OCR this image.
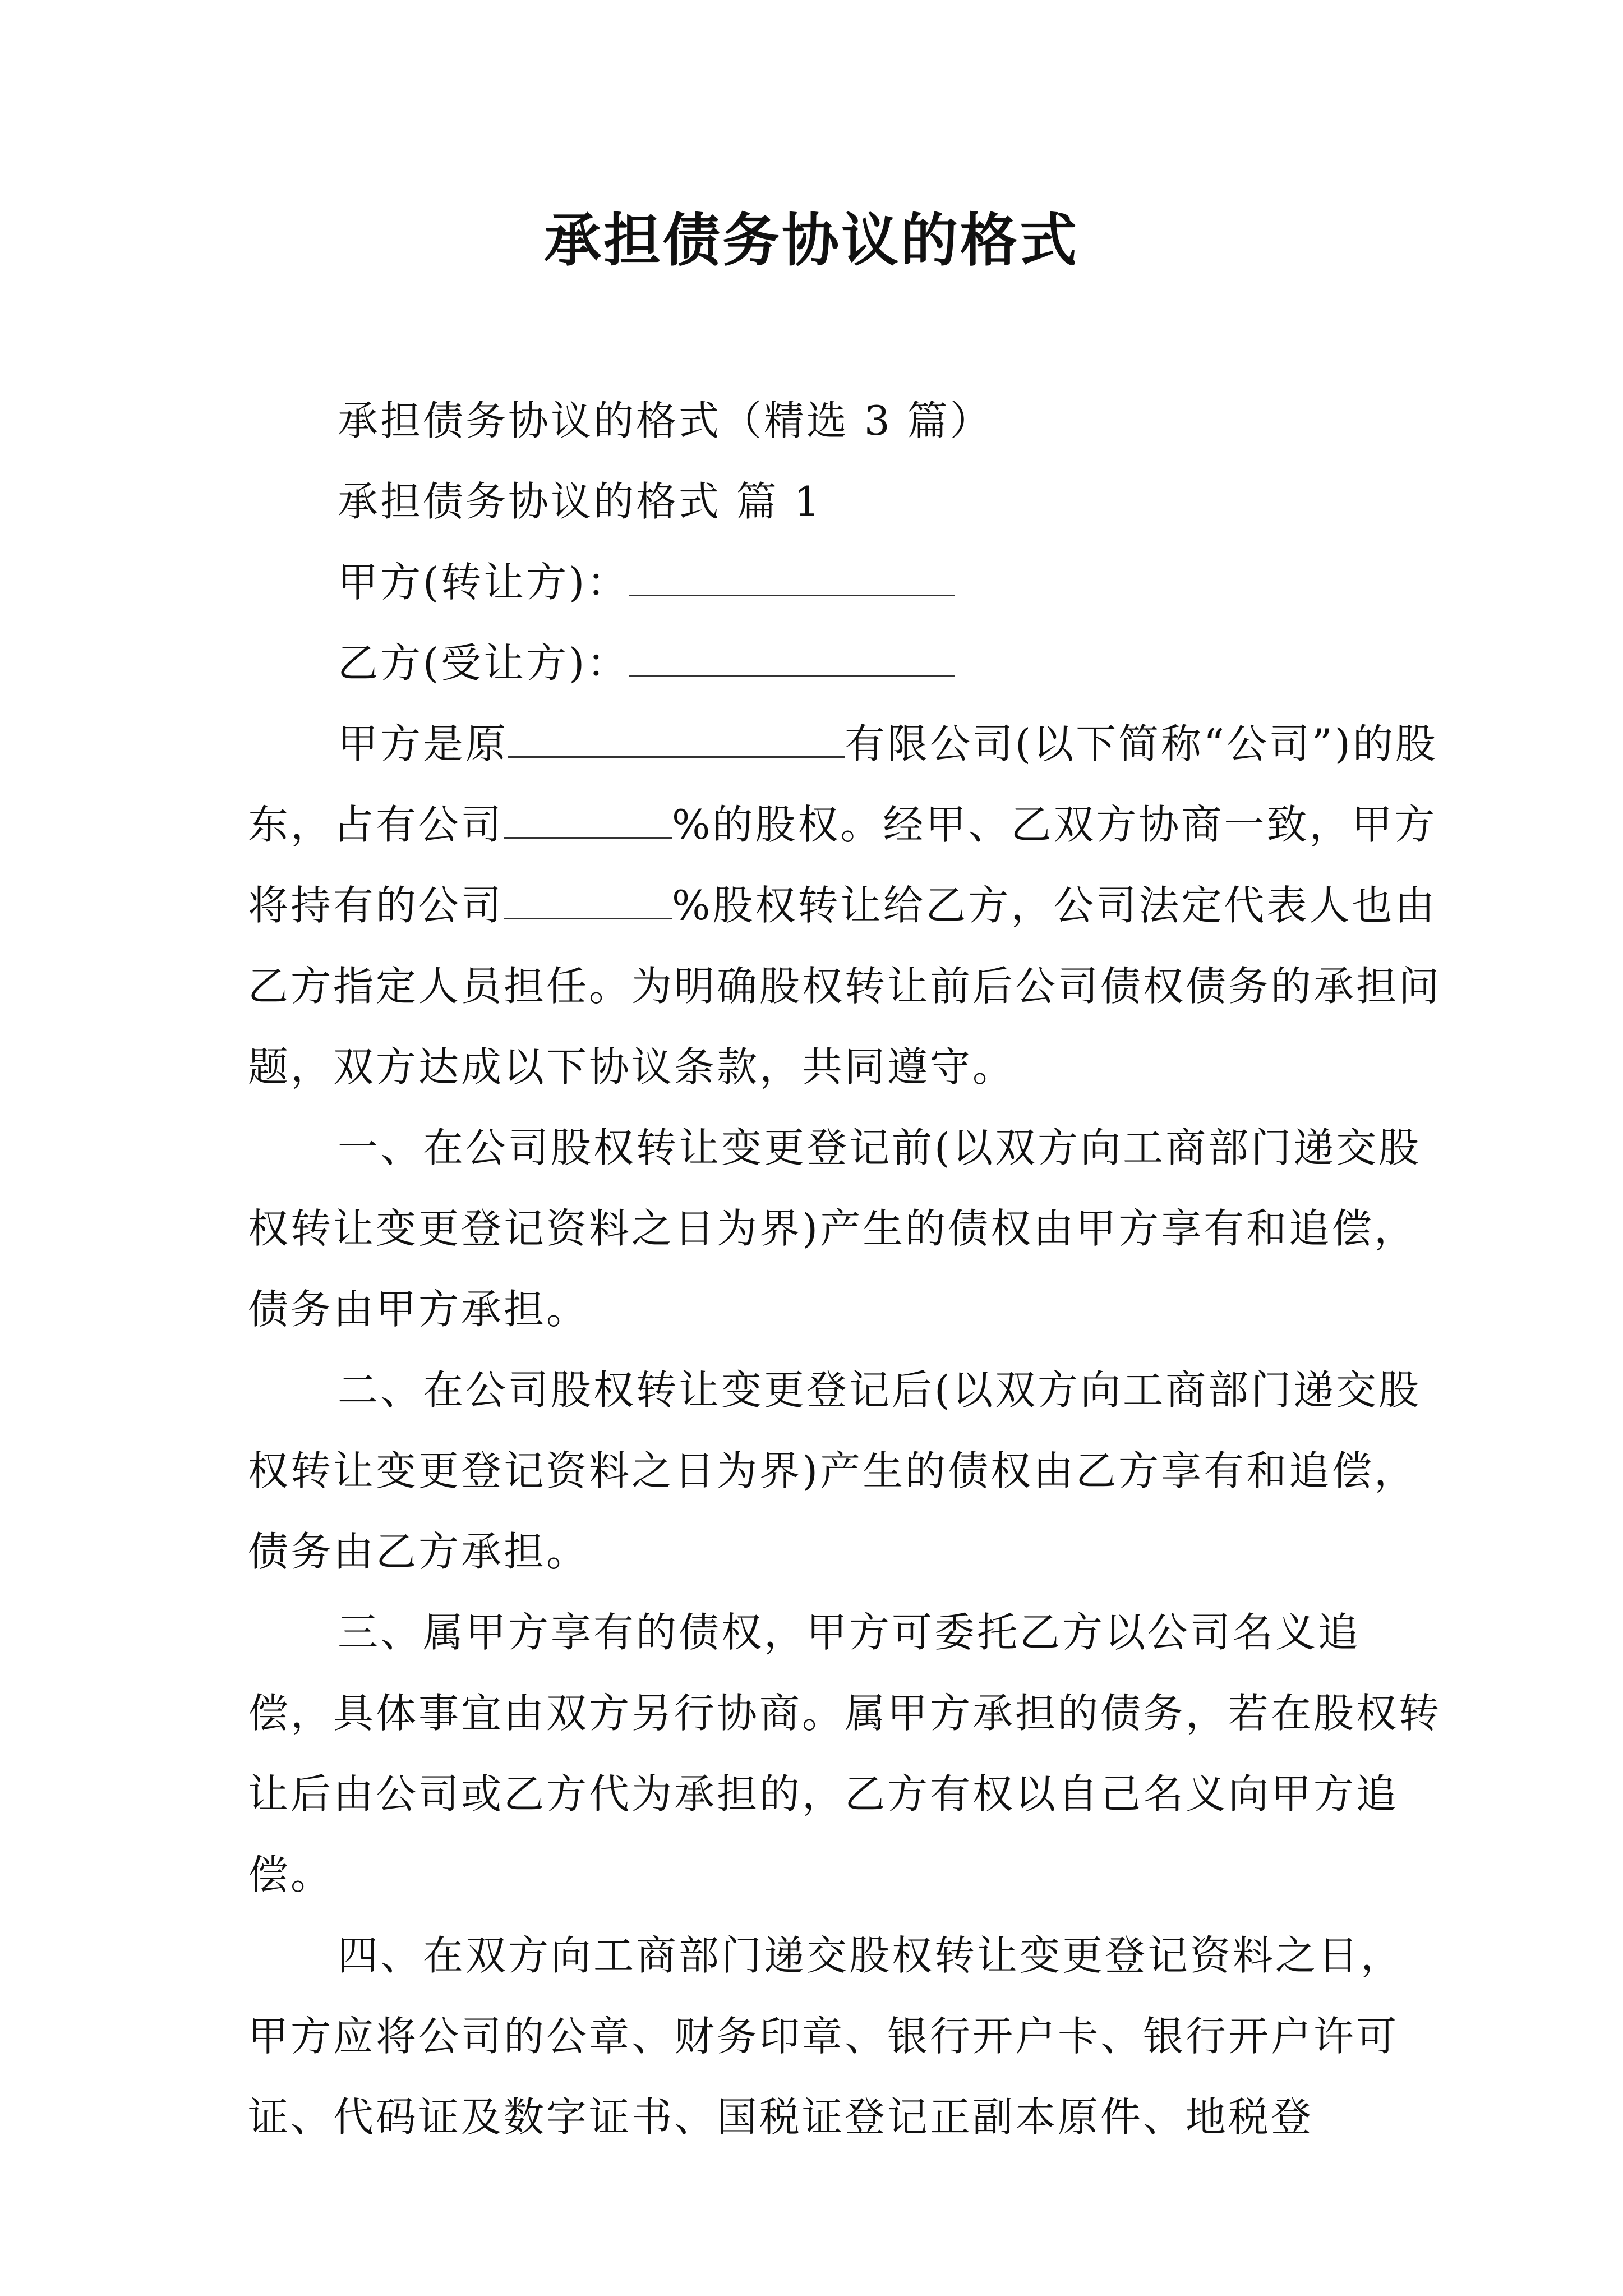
承担债务协议的格式

承担债务协议的格式（精选 3 篇）

承担债务协议的格式 篇 1

甲方(转让方)：

乙方(受让方)：

甲方是原	有限公司(以下简称“公司”)的股东，占有公司	%的股权。经甲、乙双方协商一致，甲方将持有的公司	%股权转让给乙方，公司法定代表人也由乙方指定人员担任。为明确股权转让前后公司债权债务的承担问题，双方达成以下协议条款，共同遵守。

一、在公司股权转让变更登记前(以双方向工商部门递交股权转让变更登记资料之日为界)产生的债权由甲方享有和追偿，债务由甲方承担。

二、在公司股权转让变更登记后(以双方向工商部门递交股权转让变更登记资料之日为界)产生的债权由乙方享有和追偿，债务由乙方承担。

三、属甲方享有的债权，甲方可委托乙方以公司名义追偿，具体事宜由双方另行协商。属甲方承担的债务，若在股权转让后由公司或乙方代为承担的，乙方有权以自己名义向甲方追偿。

四、在双方向工商部门递交股权转让变更登记资料之日，甲方应将公司的公章、财务印章、银行开户卡、银行开户许可证、代码证及数字证书、国税证登记正副本原件、地税登
